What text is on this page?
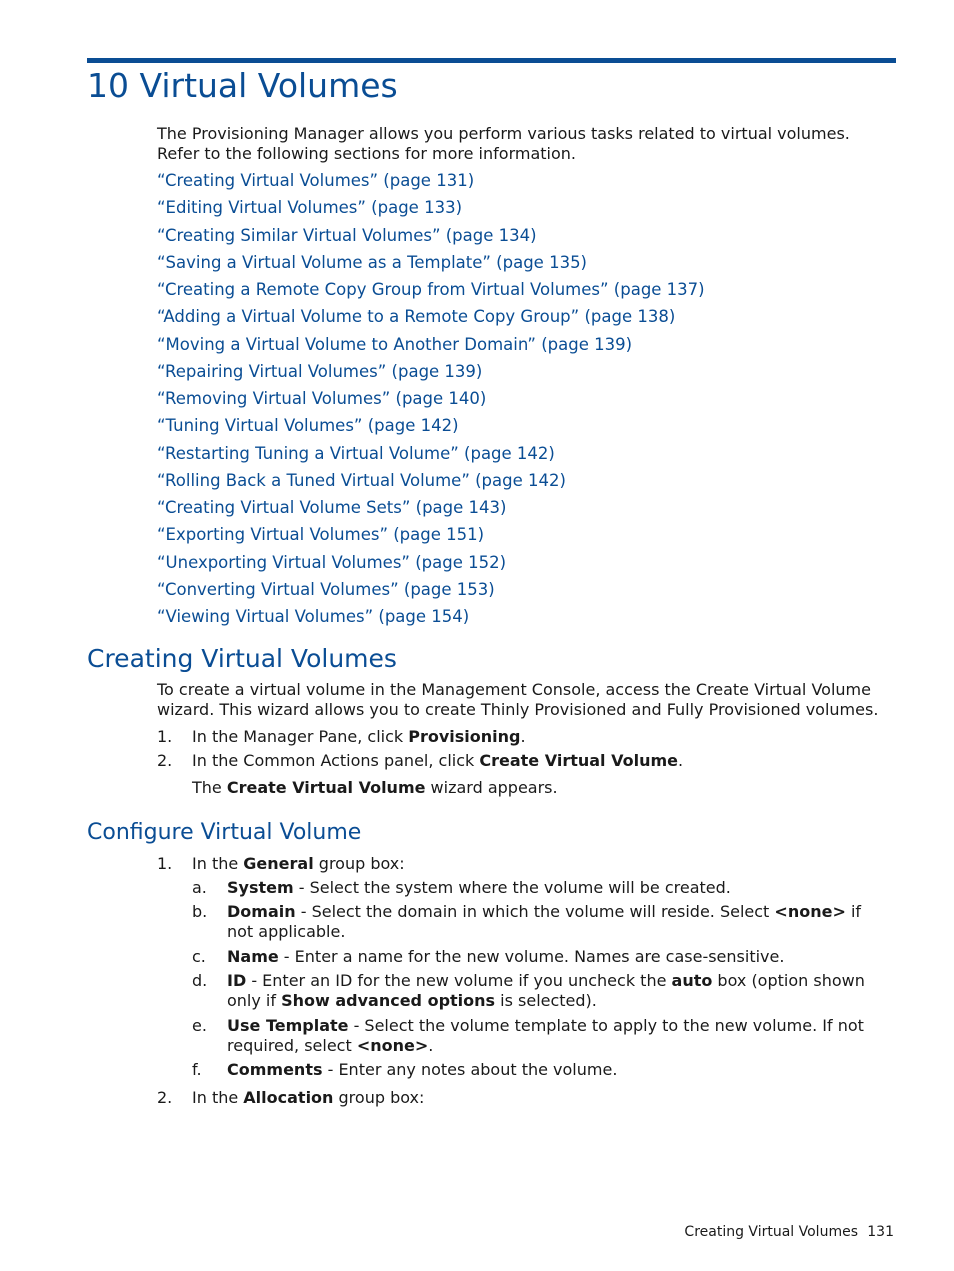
10 Virtual Volumes

The Provisioning Manager allows you perform various tasks related to virtual volumes. Refer to the following sections for more information.

“Creating Virtual Volumes” (page 131)
“Editing Virtual Volumes” (page 133)
“Creating Similar Virtual Volumes” (page 134)
“Saving a Virtual Volume as a Template” (page 135)
“Creating a Remote Copy Group from Virtual Volumes” (page 137)
“Adding a Virtual Volume to a Remote Copy Group” (page 138)
“Moving a Virtual Volume to Another Domain” (page 139)
“Repairing Virtual Volumes” (page 139)
“Removing Virtual Volumes” (page 140)
“Tuning Virtual Volumes” (page 142)
“Restarting Tuning a Virtual Volume” (page 142)
“Rolling Back a Tuned Virtual Volume” (page 142)
“Creating Virtual Volume Sets” (page 143)
“Exporting Virtual Volumes” (page 151)
“Unexporting Virtual Volumes” (page 152)
“Converting Virtual Volumes” (page 153)
“Viewing Virtual Volumes” (page 154)
Creating Virtual Volumes

To create a virtual volume in the Management Console, access the Create Virtual Volume wizard. This wizard allows you to create Thinly Provisioned and Fully Provisioned volumes.

1. In the Manager Pane, click Provisioning.
2. In the Common Actions panel, click Create Virtual Volume.
The Create Virtual Volume wizard appears.
Configure Virtual Volume
1. In the General group box:
a. System - Select the system where the volume will be created.
b. Domain - Select the domain in which the volume will reside. Select <none> if not applicable.
c. Name - Enter a name for the new volume. Names are case-sensitive.
d. ID - Enter an ID for the new volume if you uncheck the auto box (option shown only if Show advanced options is selected).
e. Use Template - Select the volume template to apply to the new volume. If not required, select <none>.
f. Comments - Enter any notes about the volume.
2. In the Allocation group box:
Creating Virtual Volumes 131
